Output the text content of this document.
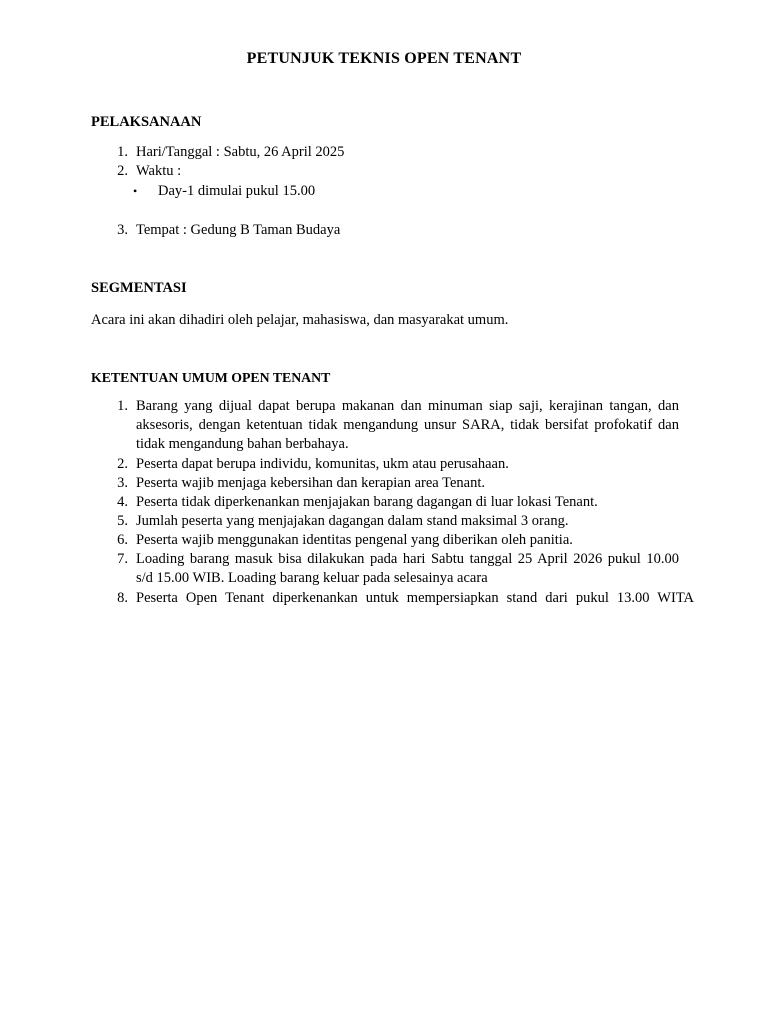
PETUNJUK TEKNIS OPEN TENANT
PELAKSANAAN
1. Hari/Tanggal : Sabtu, 26 April 2025
2. Waktu :
• Day-1 dimulai pukul 15.00
3. Tempat : Gedung B Taman Budaya
SEGMENTASI
Acara ini akan dihadiri oleh pelajar, mahasiswa, dan masyarakat umum.
KETENTUAN UMUM OPEN TENANT
1. Barang yang dijual dapat berupa makanan dan minuman siap saji, kerajinan tangan, dan
aksesoris, dengan ketentuan tidak mengandung unsur SARA, tidak bersifat profokatif dan
tidak mengandung bahan berbahaya.
2. Peserta dapat berupa individu, komunitas, ukm atau perusahaan.
3. Peserta wajib menjaga kebersihan dan kerapian area Tenant.
4. Peserta tidak diperkenankan menjajakan barang dagangan di luar lokasi Tenant.
5. Jumlah peserta yang menjajakan dagangan dalam stand maksimal 3 orang.
6. Peserta wajib menggunakan identitas pengenal yang diberikan oleh panitia.
7. Loading barang masuk bisa dilakukan pada hari Sabtu tanggal 25 April 2026 pukul 10.00
s/d 15.00 WIB. Loading barang keluar pada selesainya acara
8. Peserta Open Tenant diperkenankan untuk mempersiapkan stand dari pukul 13.00 WITA
